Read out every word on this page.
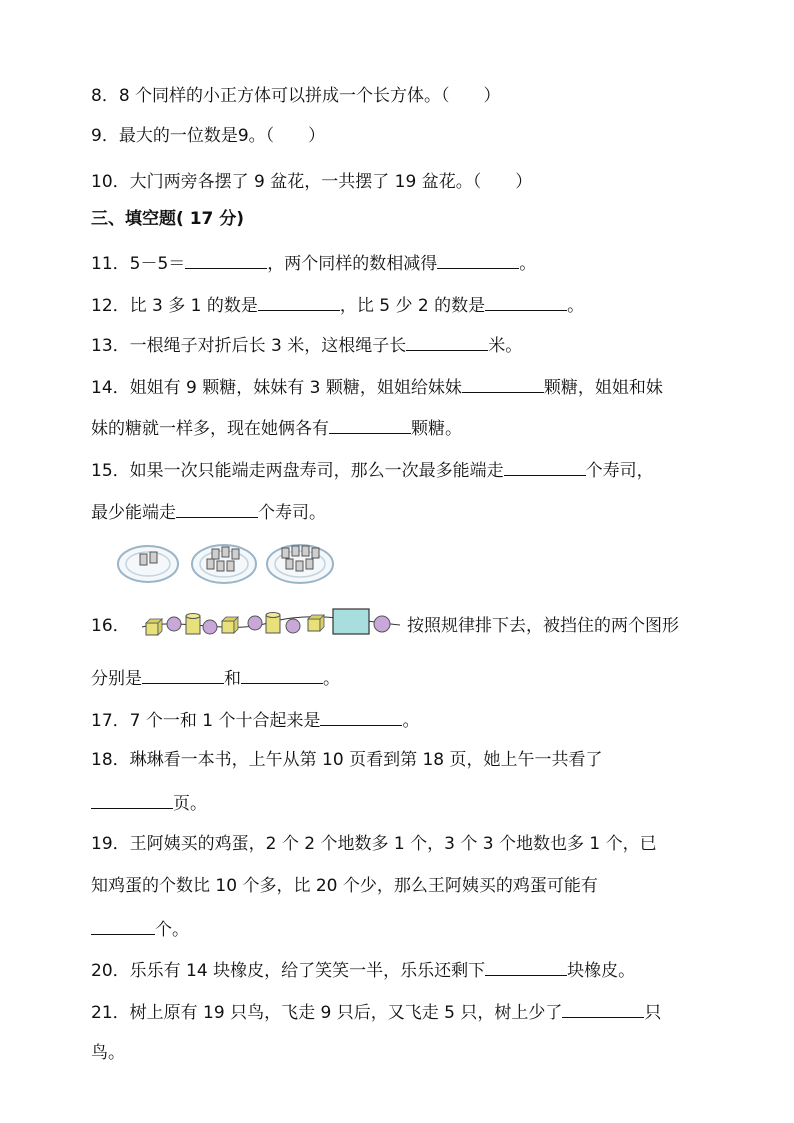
8．8 个同样的小正方体可以拼成一个长方体。（　　）
9．最大的一位数是9。（　　）
10．大门两旁各摆了 9 盆花，一共摆了 19 盆花。（　　）
三、填空题( 17 分)
11．5－5＝	，两个同样的数相减得	。
12．比 3 多 1 的数是	，比 5 少 2 的数是	。
13．一根绳子对折后长 3 米，这根绳子长	米。
14．姐姐有 9 颗糖，妹妹有 3 颗糖，姐姐给妹妹	颗糖，姐姐和妹
妹的糖就一样多，现在她俩各有	颗糖。
15．如果一次只能端走两盘寿司，那么一次最多能端走	个寿司，
最少能端走	个寿司。
16．	按照规律排下去，被挡住的两个图形
分别是	和	。
17．7 个一和 1 个十合起来是	。
18．琳琳看一本书，上午从第 10 页看到第 18 页，她上午一共看了
页。
19．王阿姨买的鸡蛋，2 个 2 个地数多 1 个，3 个 3 个地数也多 1 个，已
知鸡蛋的个数比 10 个多，比 20 个少，那么王阿姨买的鸡蛋可能有
个。
20．乐乐有 14 块橡皮，给了笑笑一半，乐乐还剩下	块橡皮。
21．树上原有 19 只鸟，飞走 9 只后，又飞走 5 只，树上少了	只
鸟。
